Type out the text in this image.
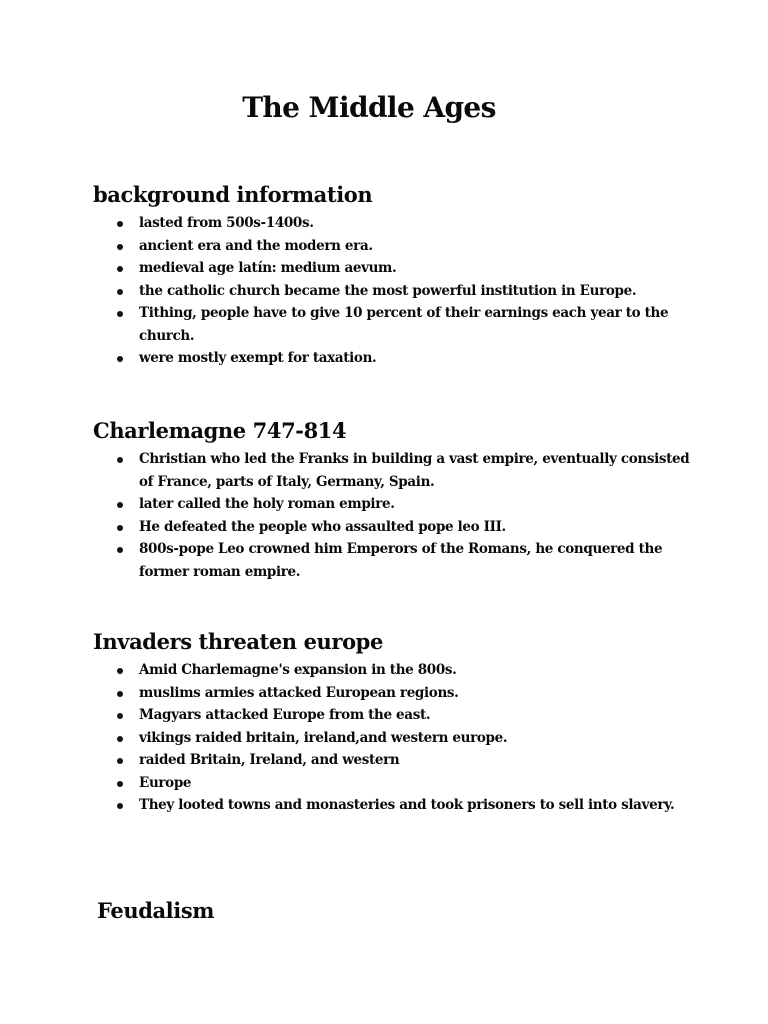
The Middle Ages
background information
lasted from 500s-1400s.
ancient era and the modern era.
medieval age latín: medium aevum.
the catholic church became the most powerful institution in Europe.
Tithing, people have to give 10 percent of their earnings each year to the church.
were mostly exempt for taxation.
Charlemagne 747-814
Christian who led the Franks in building a vast empire, eventually consisted of France, parts of Italy, Germany, Spain.
later called the holy roman empire.
He defeated the people who assaulted pope leo III.
800s-pope Leo crowned him Emperors of the Romans, he conquered the former roman empire.
Invaders threaten europe
Amid Charlemagne's expansion in the 800s.
muslims armies attacked European regions.
Magyars attacked Europe from the east.
vikings raided britain, ireland,and western europe.
raided Britain, Ireland, and western
Europe
They looted towns and monasteries and took prisoners to sell into slavery.
Feudalism
